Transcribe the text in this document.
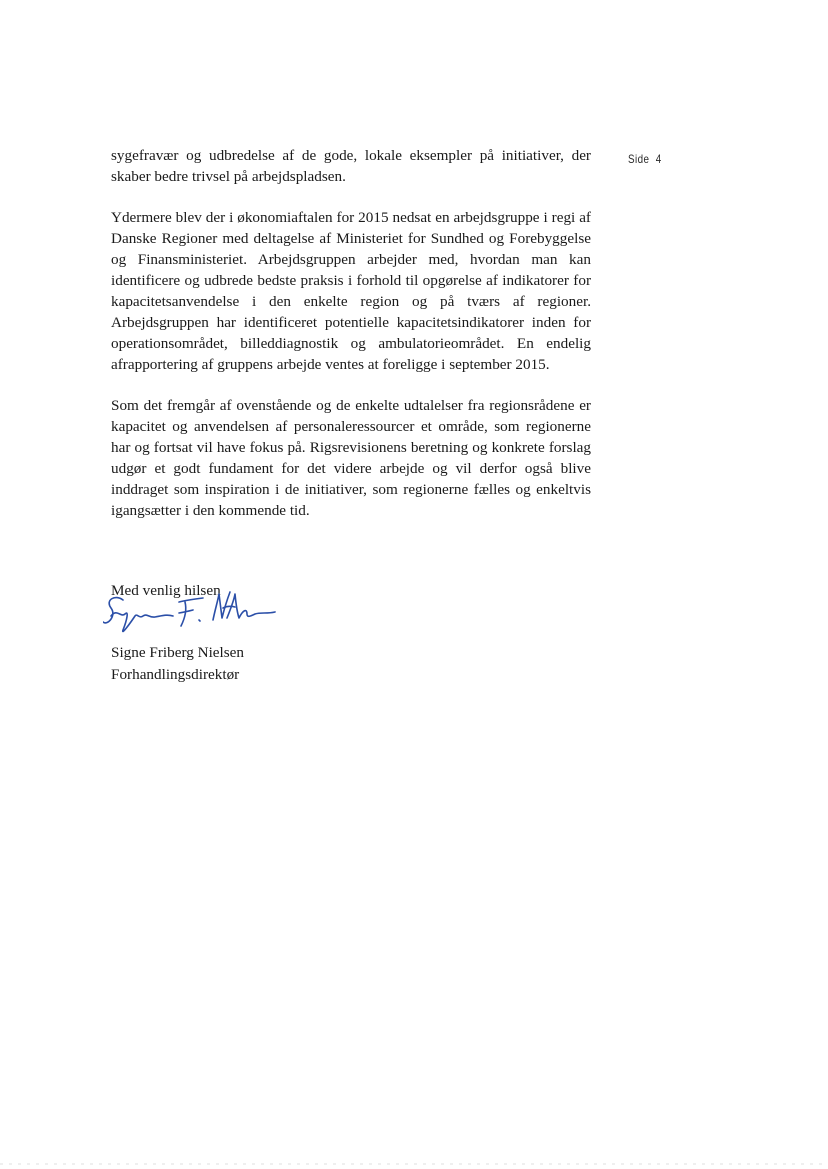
Side 4

sygefravær og udbredelse af de gode, lokale eksempler på initiativer, der skaber bedre trivsel på arbejdspladsen.

Ydermere blev der i økonomiaftalen for 2015 nedsat en arbejdsgruppe i regi af Danske Regioner med deltagelse af Ministeriet for Sundhed og Forebyggelse og Finansministeriet. Arbejdsgruppen arbejder med, hvordan man kan identificere og udbrede bedste praksis i forhold til opgørelse af indikatorer for kapacitetsanvendelse i den enkelte region og på tværs af regioner. Arbejdsgruppen har identificeret potentielle kapacitetsindikatorer inden for operationsområdet, billeddiagnostik og ambulatorieområdet. En endelig afrapportering af gruppens arbejde ventes at foreligge i september 2015.

Som det fremgår af ovenstående og de enkelte udtalelser fra regionsrådene er kapacitet og anvendelsen af personaleressourcer et område, som regionerne har og fortsat vil have fokus på. Rigsrevisionens beretning og konkrete forslag udgør et godt fundament for det videre arbejde og vil derfor også blive inddraget som inspiration i de initiativer, som regionerne fælles og enkeltvis igangsætter i den kommende tid.

Med venlig hilsen
Signe Friberg Nielsen
Forhandlingsdirektør
